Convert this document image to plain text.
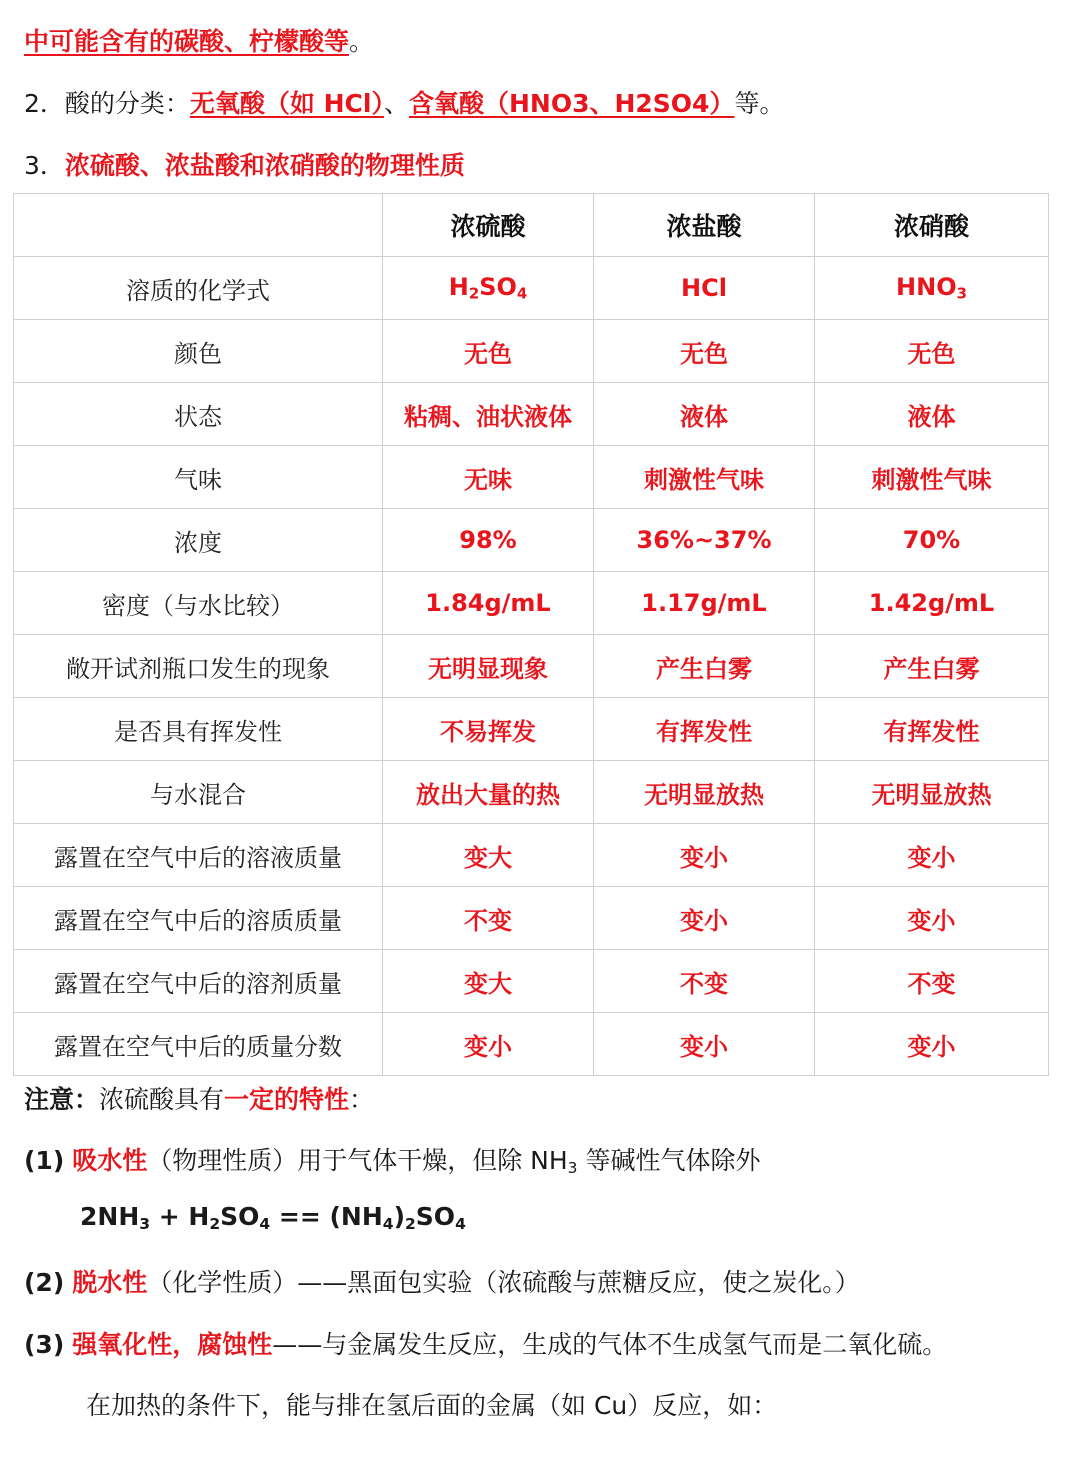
中可能含有的碳酸、柠檬酸等。
2．酸的分类：无氧酸（如 HCl）、含氧酸（HNO3、H2SO4）等。
3．浓硫酸、浓盐酸和浓硝酸的物理性质
	浓硫酸	浓盐酸	浓硝酸
溶质的化学式	$H_2SO_4$	HCl	$HNO_3$
颜色	无色	无色	无色
状态	粘稠、油状液体	液体	液体
气味	无味	刺激性气味	刺激性气味
浓度	98%	36%~37%	70%
密度（与水比较）	1.84g/mL	1.17g/mL	1.42g/mL
敞开试剂瓶口发生的现象	无明显现象	产生白雾	产生白雾
是否具有挥发性	不易挥发	有挥发性	有挥发性
与水混合	放出大量的热	无明显放热	无明显放热
露置在空气中后的溶液质量	变大	变小	变小
露置在空气中后的溶质质量	不变	变小	变小
露置在空气中后的溶剂质量	变大	不变	不变
露置在空气中后的质量分数	变小	变小	变小
注意：浓硫酸具有一定的特性：
(1) 吸水性（物理性质）用于气体干燥，但除 $NH_3$ 等碱性气体除外
$2NH_3 + H_2SO_4 == (NH_4)_2SO_4$
(2) 脱水性（化学性质）——黑面包实验（浓硫酸与蔗糖反应，使之炭化。）
(3) 强氧化性，腐蚀性——与金属发生反应，生成的气体不生成氢气而是二氧化硫。
在加热的条件下，能与排在氢后面的金属（如 Cu）反应，如：
